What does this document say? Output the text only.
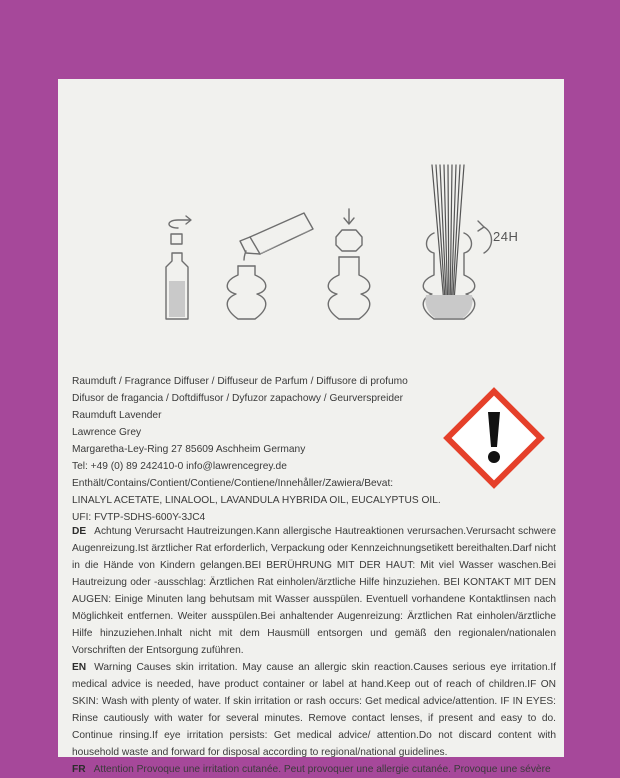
24H
Raumduft / Fragrance Diffuser / Diffuseur de Parfum / Diffusore di profumo
Difusor de fragancia / Doftdiffusor / Dyfuzor zapachowy / Geurverspreider
Raumduft Lavender
Lawrence Grey
Margaretha-Ley-Ring 27 85609 Aschheim Germany
Tel: +49 (0) 89 242410-0 info@lawrencegrey.de
Enthält/Contains/Contient/Contiene/Contiene/Innehåller/Zawiera/Bevat:
LINALYL ACETATE, LINALOOL, LAVANDULA HYBRIDA OIL, EUCALYPTUS OIL.
UFI: FVTP-SDHS-600Y-3JC4

DE Achtung Verursacht Hautreizungen.Kann allergische Hautreaktionen verursachen.Verursacht schwere Augenreizung.Ist ärztlicher Rat erforderlich, Verpackung oder Kennzeichnungsetikett bereithalten.Darf nicht in die Hände von Kindern gelangen.BEI BERÜHRUNG MIT DER HAUT: Mit viel Wasser waschen.Bei Hautreizung oder -ausschlag: Ärztlichen Rat einholen/ärztliche Hilfe hinzuziehen. BEI KONTAKT MIT DEN AUGEN: Einige Minuten lang behutsam mit Wasser ausspülen. Eventuell vorhandene Kontaktlinsen nach Möglichkeit entfernen. Weiter ausspülen.Bei anhaltender Augenreizung: Ärztlichen Rat einholen/ärztliche Hilfe hinzuziehen.Inhalt nicht mit dem Hausmüll entsorgen und gemäß den regionalen/nationalen Vorschriften der Entsorgung zuführen.

EN Warning Causes skin irritation. May cause an allergic skin reaction.Causes serious eye irritation.If medical advice is needed, have product container or label at hand.Keep out of reach of children.IF ON SKIN: Wash with plenty of water. If skin irritation or rash occurs: Get medical advice/attention. IF IN EYES: Rinse cautiously with water for several minutes. Remove contact lenses, if present and easy to do. Continue rinsing.If eye irritation persists: Get medical advice/ attention.Do not discard content with household waste and forward for disposal according to regional/national guidelines.

FR Attention Provoque une irritation cutanée. Peut provoquer une allergie cutanée. Provoque une sévère
